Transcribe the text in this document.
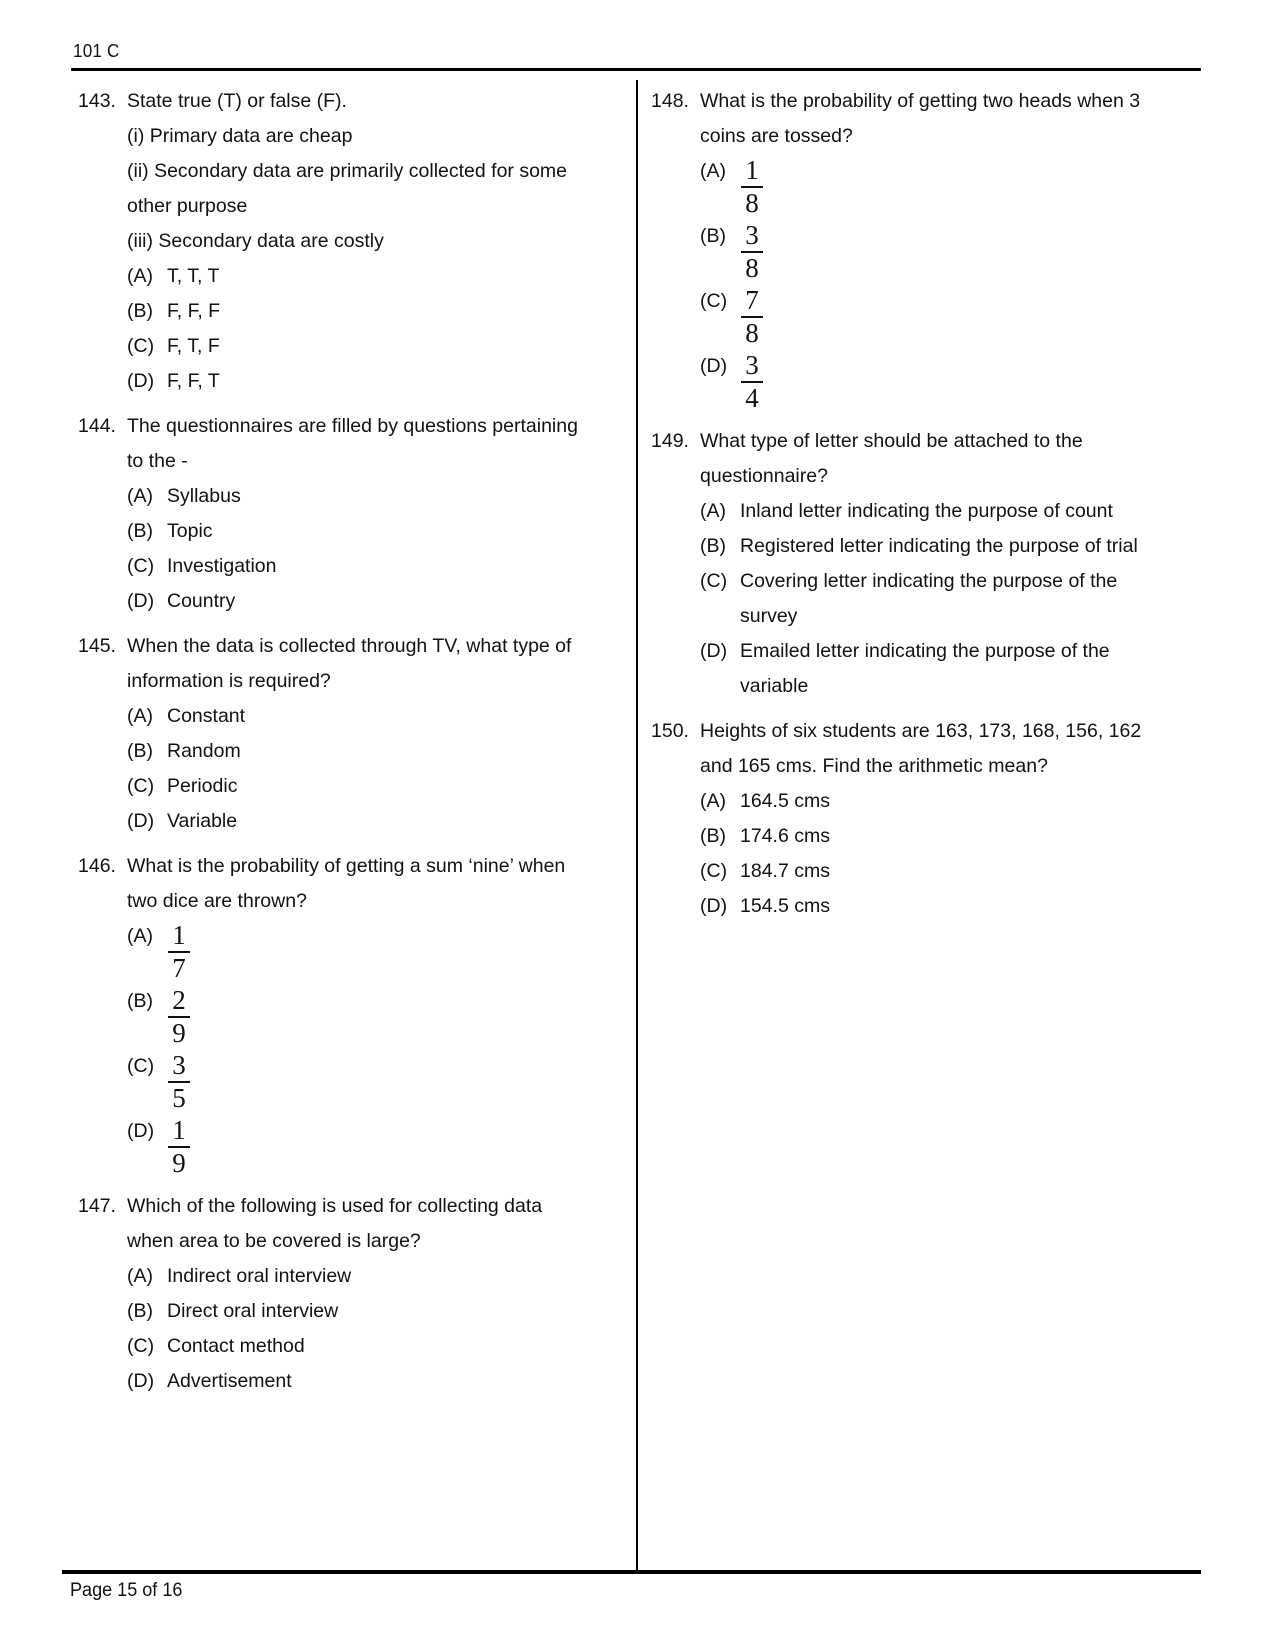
101 C
143. State true (T) or false (F).
(i) Primary data are cheap
(ii) Secondary data are primarily collected for some
other purpose
(iii) Secondary data are costly
(A) T, T, T
(B) F, F, F
(C) F, T, F
(D) F, F, T
144. The questionnaires are filled by questions pertaining
to the -
(A) Syllabus
(B) Topic
(C) Investigation
(D) Country
145. When the data is collected through TV, what type of
information is required?
(A) Constant
(B) Random
(C) Periodic
(D) Variable
146. What is the probability of getting a sum ‘nine’ when
two dice are thrown?
$(A) \frac{1}{7}$
$(B) \frac{2}{9}$
$(C) \frac{3}{5}$
$(D) \frac{1}{9}$
147. Which of the following is used for collecting data
when area to be covered is large?
(A) Indirect oral interview
(B) Direct oral interview
(C) Contact method
(D) Advertisement
148. What is the probability of getting two heads when 3
coins are tossed?
$(A) \frac{1}{8}$
$(B) \frac{3}{8}$
$(C) \frac{7}{8}$
$(D) \frac{3}{4}$
149. What type of letter should be attached to the
questionnaire?
(A) Inland letter indicating the purpose of count
(B) Registered letter indicating the purpose of trial
(C) Covering letter indicating the purpose of the
survey
(D) Emailed letter indicating the purpose of the
variable
150. Heights of six students are 163, 173, 168, 156, 162
and 165 cms. Find the arithmetic mean?
(A) 164.5 cms
(B) 174.6 cms
(C) 184.7 cms
(D) 154.5 cms
Page 15 of 16
